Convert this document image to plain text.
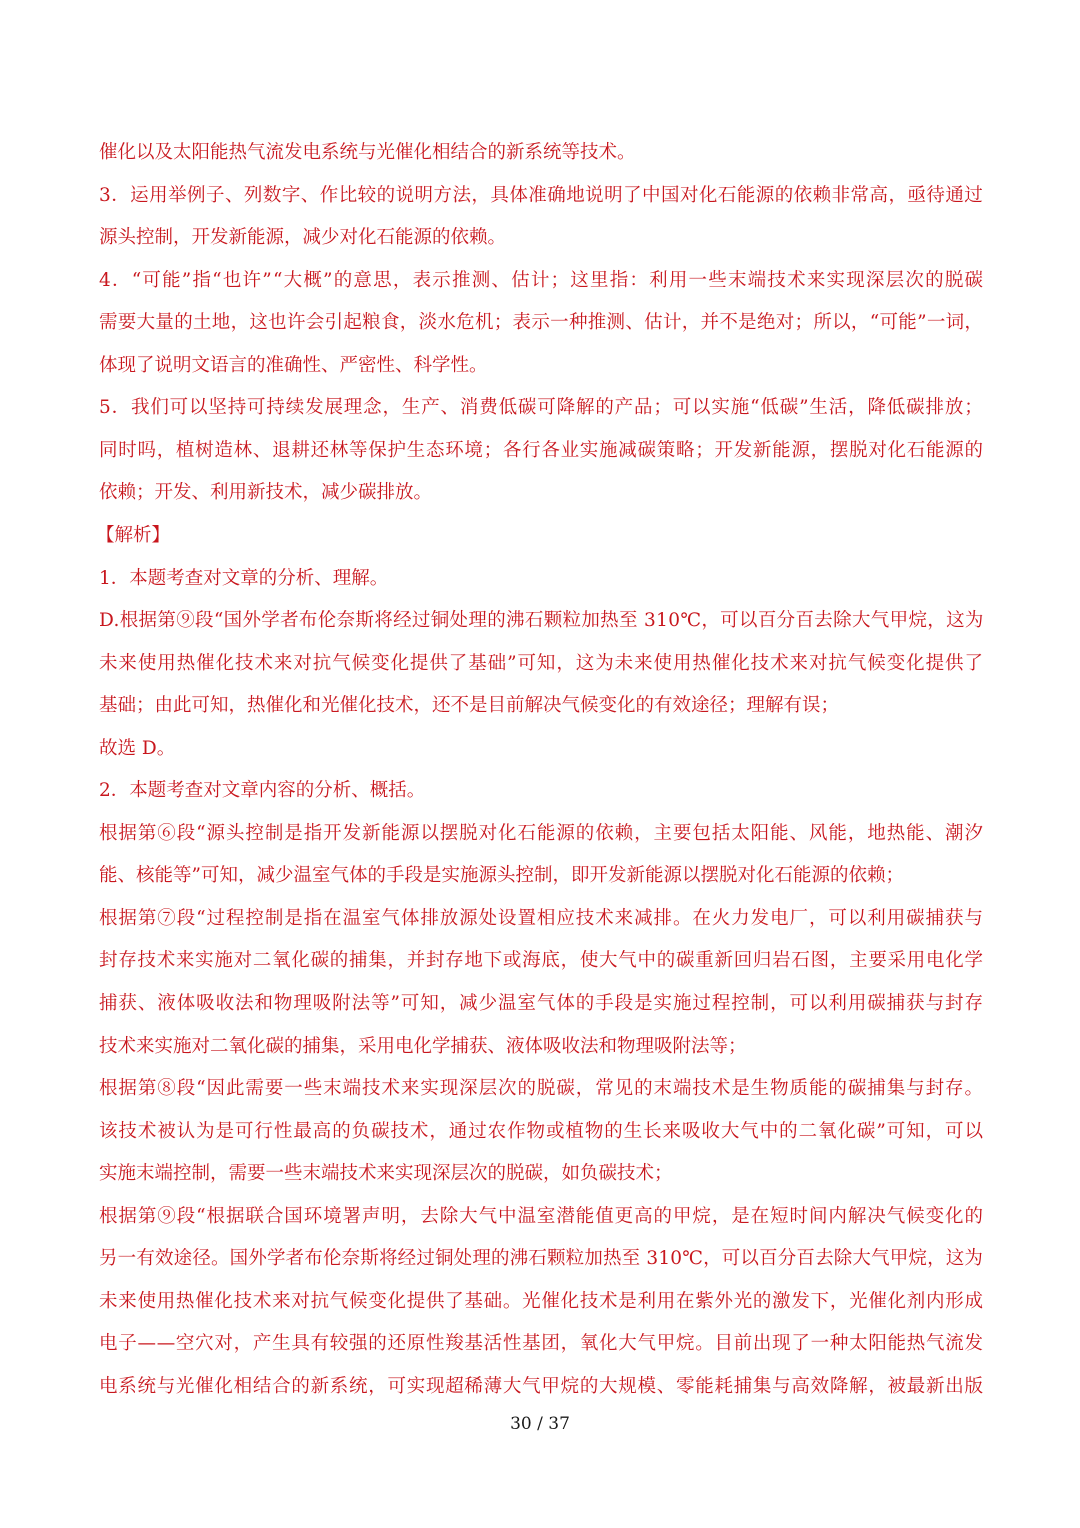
催化以及太阳能热气流发电系统与光催化相结合的新系统等技术。
3．运用举例子、列数字、作比较的说明方法，具体准确地说明了中国对化石能源的依赖非常高，亟待通过
源头控制，开发新能源，减少对化石能源的依赖。
4．“可能”指“也许”“大概”的意思，表示推测、估计；这里指：利用一些末端技术来实现深层次的脱碳
需要大量的土地，这也许会引起粮食，淡水危机；表示一种推测、估计，并不是绝对；所以，“可能”一词，
体现了说明文语言的准确性、严密性、科学性。
5．我们可以坚持可持续发展理念，生产、消费低碳可降解的产品；可以实施“低碳”生活，降低碳排放；
同时吗，植树造林、退耕还林等保护生态环境；各行各业实施减碳策略；开发新能源，摆脱对化石能源的
依赖；开发、利用新技术，减少碳排放。
【解析】
1．本题考查对文章的分析、理解。
D.根据第⑨段“国外学者布伦奈斯将经过铜处理的沸石颗粒加热至 310℃，可以百分百去除大气甲烷，这为
未来使用热催化技术来对抗气候变化提供了基础”可知，这为未来使用热催化技术来对抗气候变化提供了
基础；由此可知，热催化和光催化技术，还不是目前解决气候变化的有效途径；理解有误；
故选 D。
2．本题考查对文章内容的分析、概括。
根据第⑥段“源头控制是指开发新能源以摆脱对化石能源的依赖，主要包括太阳能、风能，地热能、潮汐
能、核能等”可知，减少温室气体的手段是实施源头控制，即开发新能源以摆脱对化石能源的依赖；
根据第⑦段“过程控制是指在温室气体排放源处设置相应技术来减排。在火力发电厂，可以利用碳捕获与
封存技术来实施对二氧化碳的捕集，并封存地下或海底，使大气中的碳重新回归岩石图，主要采用电化学
捕获、液体吸收法和物理吸附法等”可知，减少温室气体的手段是实施过程控制，可以利用碳捕获与封存
技术来实施对二氧化碳的捕集，采用电化学捕获、液体吸收法和物理吸附法等；
根据第⑧段“因此需要一些末端技术来实现深层次的脱碳，常见的末端技术是生物质能的碳捕集与封存。
该技术被认为是可行性最高的负碳技术，通过农作物或植物的生长来吸收大气中的二氧化碳”可知，可以
实施末端控制，需要一些末端技术来实现深层次的脱碳，如负碳技术；
根据第⑨段“根据联合国环境署声明，去除大气中温室潜能值更高的甲烷，是在短时间内解决气候变化的
另一有效途径。国外学者布伦奈斯将经过铜处理的沸石颗粒加热至 310℃，可以百分百去除大气甲烷，这为
未来使用热催化技术来对抗气候变化提供了基础。光催化技术是利用在紫外光的激发下，光催化剂内形成
电子——空穴对，产生具有较强的还原性羧基活性基团，氧化大气甲烷。目前出现了一种太阳能热气流发
电系统与光催化相结合的新系统，可实现超稀薄大气甲烷的大规模、零能耗捕集与高效降解，被最新出版
30 / 37
